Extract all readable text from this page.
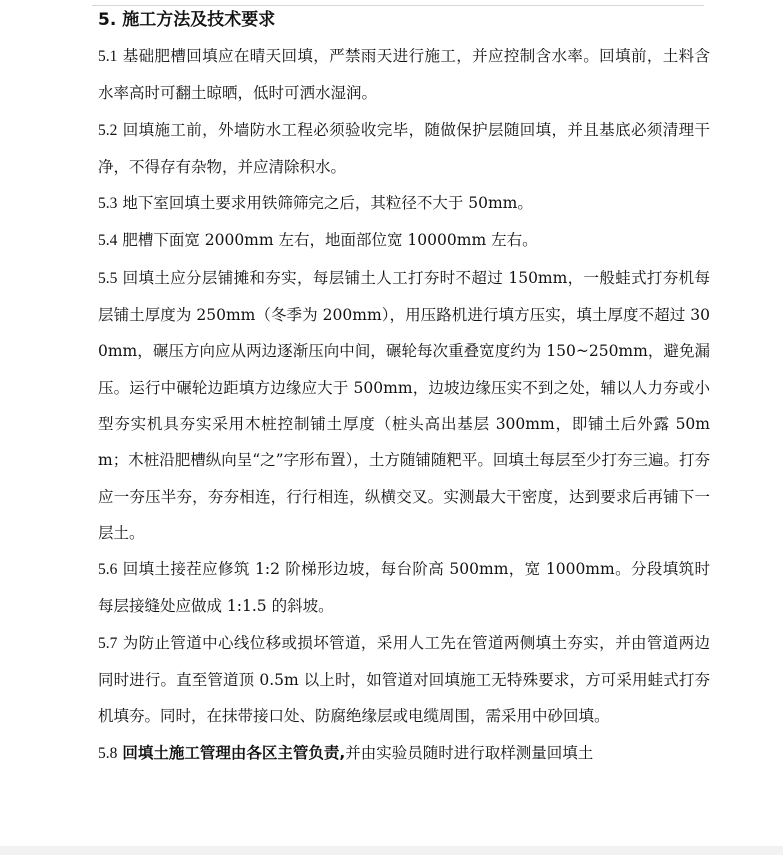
5. 施工方法及技术要求

5.1 基础肥槽回填应在晴天回填，严禁雨天进行施工，并应控制含水率。回填前，土料含水率高时可翻土晾晒，低时可洒水湿润。

5.2 回填施工前，外墙防水工程必须验收完毕，随做保护层随回填，并且基底必须清理干净，不得存有杂物，并应清除积水。

5.3 地下室回填土要求用铁筛筛完之后，其粒径不大于 50mm。

5.4 肥槽下面宽 2000mm 左右，地面部位宽 10000mm 左右。

5.5 回填土应分层铺摊和夯实，每层铺土人工打夯时不超过 150mm，一般蛙式打夯机每层铺土厚度为 250mm（冬季为 200mm），用压路机进行填方压实，填土厚度不超过 300mm，碾压方向应从两边逐渐压向中间，碾轮每次重叠宽度约为 150~250mm，避免漏压。运行中碾轮边距填方边缘应大于 500mm，边坡边缘压实不到之处，辅以人力夯或小型夯实机具夯实采用木桩控制铺土厚度（桩头高出基层 300mm，即铺土后外露 50mm；木桩沿肥槽纵向呈“之”字形布置），土方随铺随粑平。回填土每层至少打夯三遍。打夯应一夯压半夯，夯夯相连，行行相连，纵横交叉。实测最大干密度，达到要求后再铺下一层土。

5.6 回填土接茬应修筑 1:2 阶梯形边坡，每台阶高 500mm，宽 1000mm。分段填筑时每层接缝处应做成 1:1.5 的斜坡。

5.7 为防止管道中心线位移或损坏管道，采用人工先在管道两侧填土夯实，并由管道两边同时进行。直至管道顶 0.5m 以上时，如管道对回填施工无特殊要求，方可采用蛙式打夯机填夯。同时，在抹带接口处、防腐绝缘层或电缆周围，需采用中砂回填。

5.8 回填土施工管理由各区主管负责,并由实验员随时进行取样测量回填土
